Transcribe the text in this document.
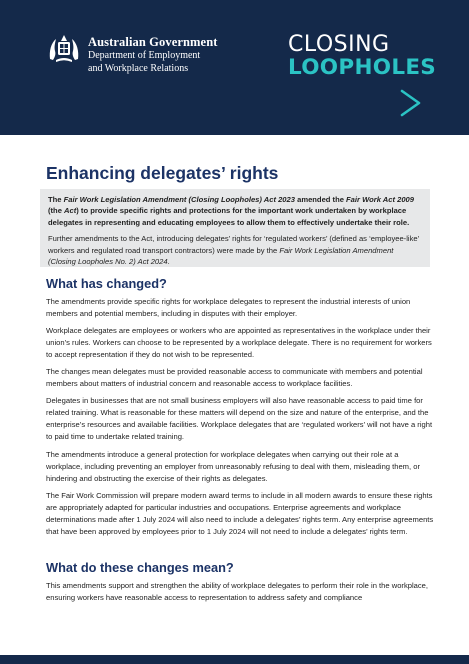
Australian Government
Department of Employment
and Workplace Relations
CLOSING
LOOPHOLES
Enhancing delegates’ rights

The Fair Work Legislation Amendment (Closing Loopholes) Act 2023 amended the Fair Work Act 2009 (the Act) to provide specific rights and protections for the important work undertaken by workplace delegates in representing and educating employees to allow them to effectively undertake their role.

Further amendments to the Act, introducing delegates’ rights for ‘regulated workers’ (defined as ‘employee-like’ workers and regulated road transport contractors) were made by the Fair Work Legislation Amendment (Closing Loopholes No. 2) Act 2024.

What has changed?

The amendments provide specific rights for workplace delegates to represent the industrial interests of union members and potential members, including in disputes with their employer.

Workplace delegates are employees or workers who are appointed as representatives in the workplace under their union’s rules. Workers can choose to be represented by a workplace delegate. There is no requirement for workers to accept representation if they do not wish to be represented.

The changes mean delegates must be provided reasonable access to communicate with members and potential members about matters of industrial concern and reasonable access to workplace facilities.

Delegates in businesses that are not small business employers will also have reasonable access to paid time for related training. What is reasonable for these matters will depend on the size and nature of the enterprise, and the enterprise’s resources and available facilities. Workplace delegates that are ‘regulated workers’ will not have a right to paid time to undertake related training.

The amendments introduce a general protection for workplace delegates when carrying out their role at a workplace, including preventing an employer from unreasonably refusing to deal with them, misleading them, or hindering and obstructing the exercise of their rights as delegates.

The Fair Work Commission will prepare modern award terms to include in all modern awards to ensure these rights are appropriately adapted for particular industries and occupations. Enterprise agreements and workplace determinations made after 1 July 2024 will also need to include a delegates’ rights term. Any enterprise agreements that have been approved by employees prior to 1 July 2024 will not need to include a delegates’ rights term.

What do these changes mean?

This amendments support and strengthen the ability of workplace delegates to perform their role in the workplace, ensuring workers have reasonable access to representation to address safety and compliance
